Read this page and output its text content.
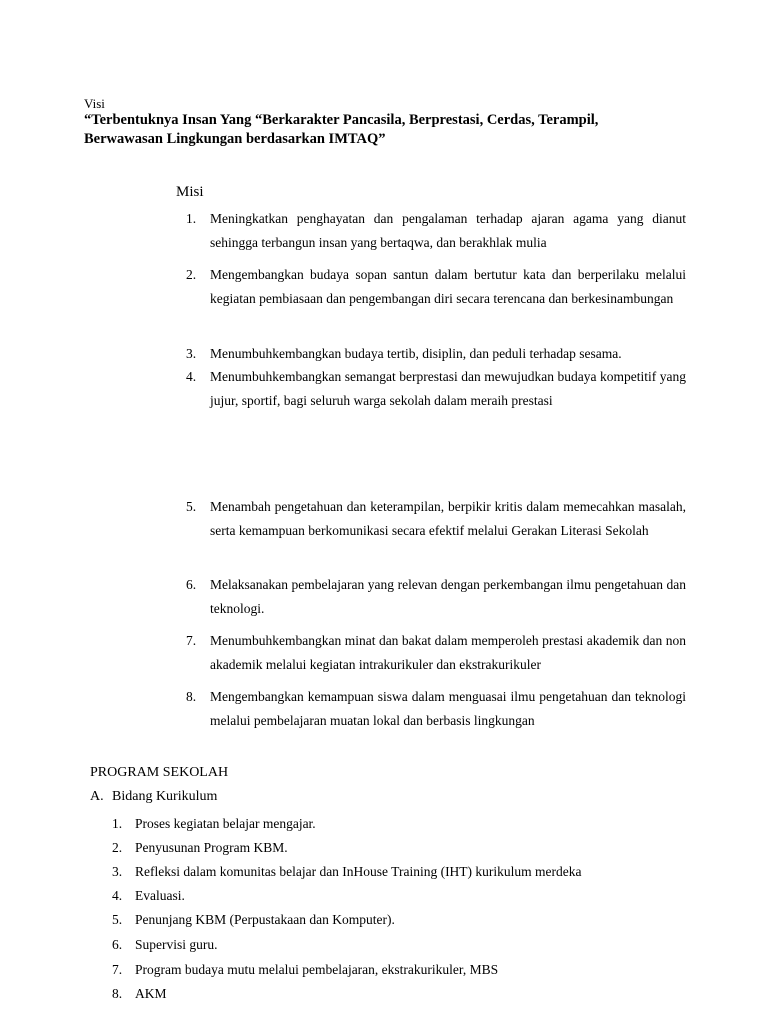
Visi
“Terbentuknya Insan Yang “Berkarakter Pancasila, Berprestasi, Cerdas, Terampil, Berwawasan Lingkungan berdasarkan IMTAQ”
Misi
1.	Meningkatkan penghayatan dan pengalaman terhadap ajaran agama yang dianut sehingga terbangun insan yang bertaqwa, dan berakhlak mulia
2.	Mengembangkan budaya sopan santun dalam bertutur kata dan berperilaku melalui kegiatan pembiasaan dan pengembangan diri secara terencana dan berkesinambungan
3.	Menumbuhkembangkan budaya tertib, disiplin, dan peduli terhadap sesama.
4.	Menumbuhkembangkan semangat berprestasi dan mewujudkan budaya kompetitif yang jujur, sportif, bagi seluruh warga sekolah dalam meraih prestasi
5.	Menambah pengetahuan dan keterampilan, berpikir kritis dalam memecahkan masalah, serta kemampuan berkomunikasi secara efektif melalui Gerakan Literasi Sekolah
6.	Melaksanakan pembelajaran yang relevan dengan perkembangan ilmu pengetahuan dan teknologi.
7.	Menumbuhkembangkan minat dan bakat dalam memperoleh prestasi akademik dan non akademik melalui kegiatan intrakurikuler dan ekstrakurikuler
8.	Mengembangkan kemampuan siswa dalam menguasai ilmu pengetahuan dan teknologi melalui pembelajaran muatan lokal dan berbasis lingkungan
PROGRAM SEKOLAH
A. Bidang Kurikulum
1. Proses kegiatan belajar mengajar.
2. Penyusunan Program KBM.
3. Refleksi dalam komunitas belajar dan InHouse Training (IHT) kurikulum merdeka
4. Evaluasi.
5. Penunjang KBM (Perpustakaan dan Komputer).
6. Supervisi guru.
7. Program budaya mutu melalui pembelajaran, ekstrakurikuler, MBS
8. AKM
